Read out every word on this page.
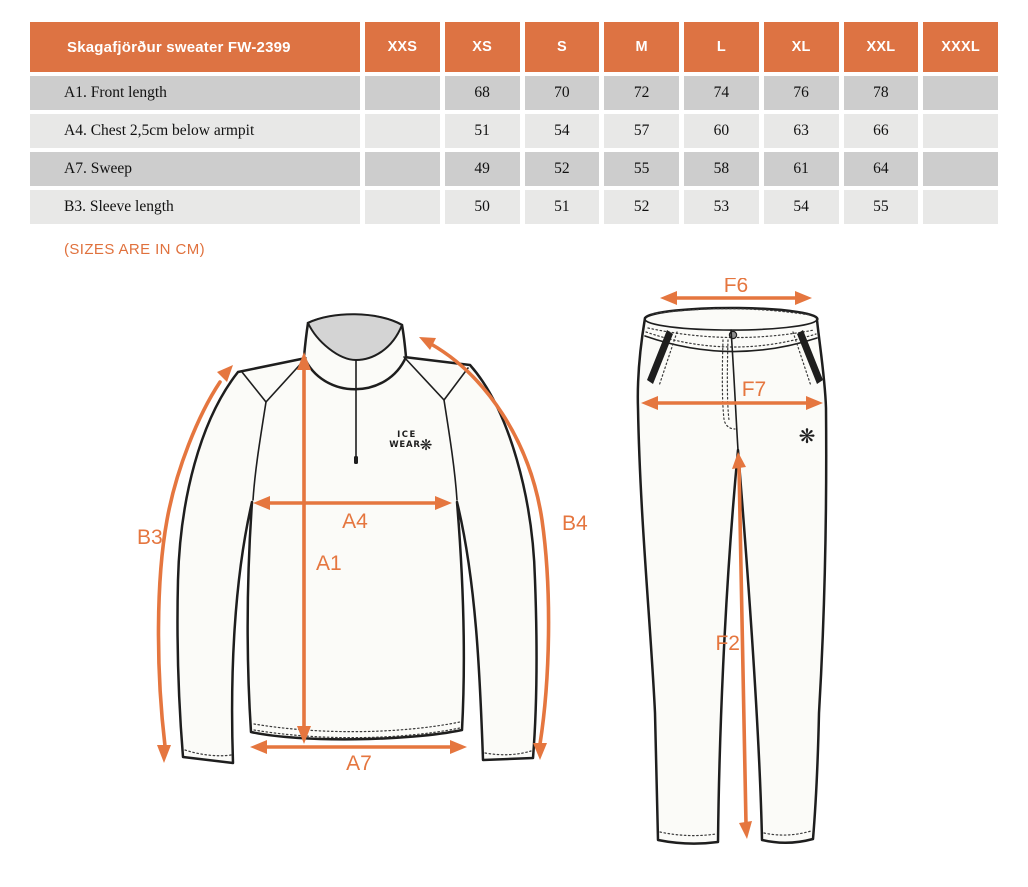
Skagafjörður sweater FW-2399	XXS	XS	S	M	L	XL	XXL	XXXL
A1. Front length		68	70	72	74	76	78	
A4. Chest 2,5cm below armpit		51	54	57	60	63	66	
A7. Sweep		49	52	55	58	61	64	
B3. Sleeve length		50	51	52	53	54	55	
(SIZES ARE IN CM)
ICE
WEAR
❋
B3
A1
A4
A7
B4
❋
F6
F7
F2
